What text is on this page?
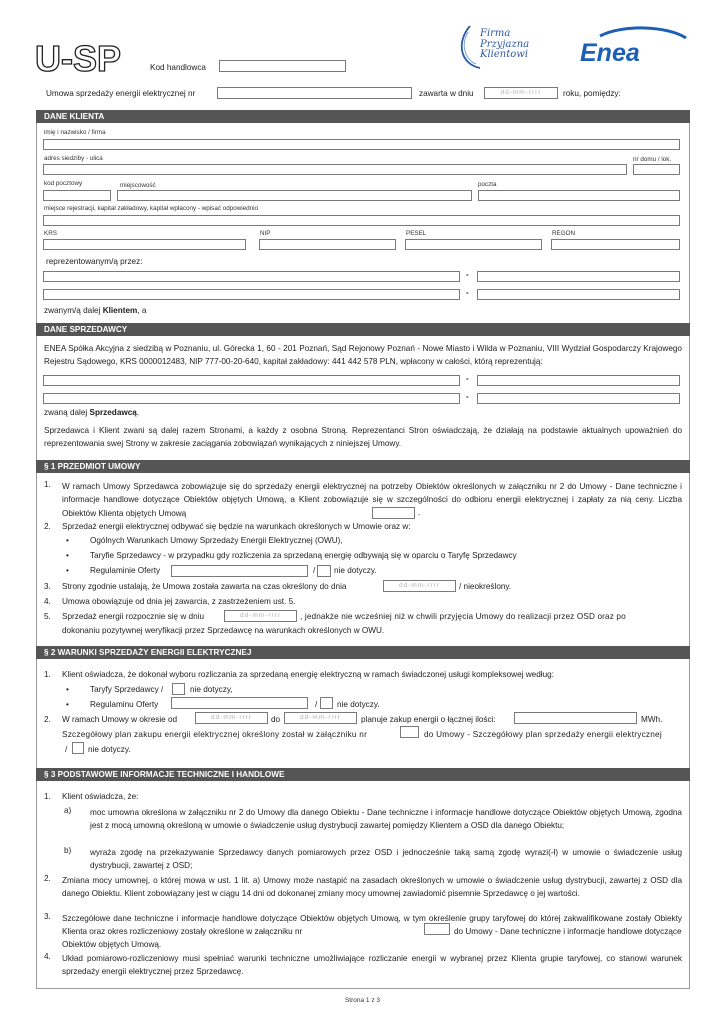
U-SP	Kod handlowca
Firma
Przyjazna
Klientowi Enea
Umowa sprzedaży energii elektrycznej nr	zawarta w dniu	dd-mm-rrrr	roku, pomiędzy:
DANE KLIENTA
imię i nazwisko / firma
adres siedziby - ulica	nr domu / lok.
kod pocztowy	miejscowość	poczta
miejsce rejestracji, kapitał zakładowy, kapitał wpłacony - wpisać odpowiednio
KRS	NIP	PESEL	REGON
reprezentowanym/ą przez:
-
-
zwanym/ą dalej Klientem, a
DANE SPRZEDAWCY
ENEA Spółka Akcyjna z siedzibą w Poznaniu, ul. Górecka 1, 60 - 201 Poznań, Sąd Rejonowy Poznań - Nowe Miasto i Wilda w Poznaniu, VIII Wydział Gospodarczy Krajowego Rejestru Sądowego, KRS 0000012483, NIP 777-00-20-640, kapitał zakładowy: 441 442 578 PLN, wpłacony w całości, którą reprezentują:
-
-
zwaną dalej Sprzedawcą.
Sprzedawca i Klient zwani są dalej razem Stronami, a każdy z osobna Stroną. Reprezentanci Stron oświadczają, że działają na podstawie aktualnych upoważnień do reprezentowania swej Strony w zakresie zaciągania zobowiązań wynikających z niniejszej Umowy.
§ 1 PRZEDMIOT UMOWY
1. W ramach Umowy Sprzedawca zobowiązuje się do sprzedaży energii elektrycznej na potrzeby Obiektów określonych w załączniku nr 2 do Umowy - Dane techniczne i informacje handlowe dotyczące Obiektów objętych Umową, a Klient zobowiązuje się w szczególności do odbioru energii elektrycznej i zapłaty za nią ceny. Liczba Obiektów Klienta objętych Umową	.
2. Sprzedaż energii elektrycznej odbywać się będzie na warunkach określonych w Umowie oraz w:
•	Ogólnych Warunkach Umowy Sprzedaży Energii Elektrycznej (OWU),
•	Taryfie Sprzedawcy - w przypadku gdy rozliczenia za sprzedaną energię odbywają się w oparciu o Taryfę Sprzedawcy
•	Regulaminie Oferty	/ nie dotyczy.
3. Strony zgodnie ustalają, że Umowa została zawarta na czas określony do dnia	dd-mm-rrrr	/ nieokreślony.
4. Umowa obowiązuje od dnia jej zawarcia, z zastrzeżeniem ust. 5.
5. Sprzedaż energii rozpocznie się w dniu	dd-mm-rrrr	, jednakże nie wcześniej niż w chwili przyjęcia Umowy do realizacji przez OSD oraz po
dokonaniu pozytywnej weryfikacji przez Sprzedawcę na warunkach określonych w OWU.
§ 2 WARUNKI SPRZEDAŻY ENERGII ELEKTRYCZNEJ
1. Klient oświadcza, że dokonał wyboru rozliczania za sprzedaną energię elektryczną w ramach świadczonej usługi kompleksowej według:
•	Taryfy Sprzedawcy /	nie dotyczy,
•	Regulaminu Oferty	/ nie dotyczy.
2. W ramach Umowy w okresie od	dd-mm-rrrr	do	dd-mm-rrrr	planuje zakup energii o łącznej ilości:	MWh.
Szczegółowy plan zakupu energii elektrycznej określony został w załączniku nr	do Umowy - Szczegółowy plan sprzedaży energii elektrycznej
/	nie dotyczy.
§ 3 PODSTAWOWE INFORMACJE TECHNICZNE I HANDLOWE
1. Klient oświadcza, że:
a) moc umowna określona w załączniku nr 2 do Umowy dla danego Obiektu - Dane techniczne i informacje handlowe dotyczące Obiektów objętych Umową, zgodna jest z mocą umowną określoną w umowie o świadczenie usług dystrybucji zawartej pomiędzy Klientem a OSD dla danego Obiektu;
b) wyraża zgodę na przekazywanie Sprzedawcy danych pomiarowych przez OSD i jednocześnie taką samą zgodę wyrazi(-ł) w umowie o świadczenie usług dystrybucji, zawartej z OSD;
2. Zmiana mocy umownej, o której mowa w ust. 1 lit. a) Umowy może nastąpić na zasadach określonych w umowie o świadczenie usług dystrybucji, zawartej z OSD dla danego Obiektu. Klient zobowiązany jest w ciągu 14 dni od dokonanej zmiany mocy umownej zawiadomić pisemnie Sprzedawcę o jej wartości.
3. Szczegółowe dane techniczne i informacje handlowe dotyczące Obiektów objętych Umową, w tym określenie grupy taryfowej do której zakwalifikowane zostały Obiekty Klienta oraz okres rozliczeniowy zostały określone w załączniku nr	do Umowy - Dane techniczne i informacje handlowe dotyczące Obiektów objętych Umową.
4. Układ pomiarowo-rozliczeniowy musi spełniać warunki techniczne umożliwiające rozliczanie energii w wybranej przez Klienta grupie taryfowej, co stanowi warunek sprzedaży energii elektrycznej przez Sprzedawcę.
Strona 1 z 3
